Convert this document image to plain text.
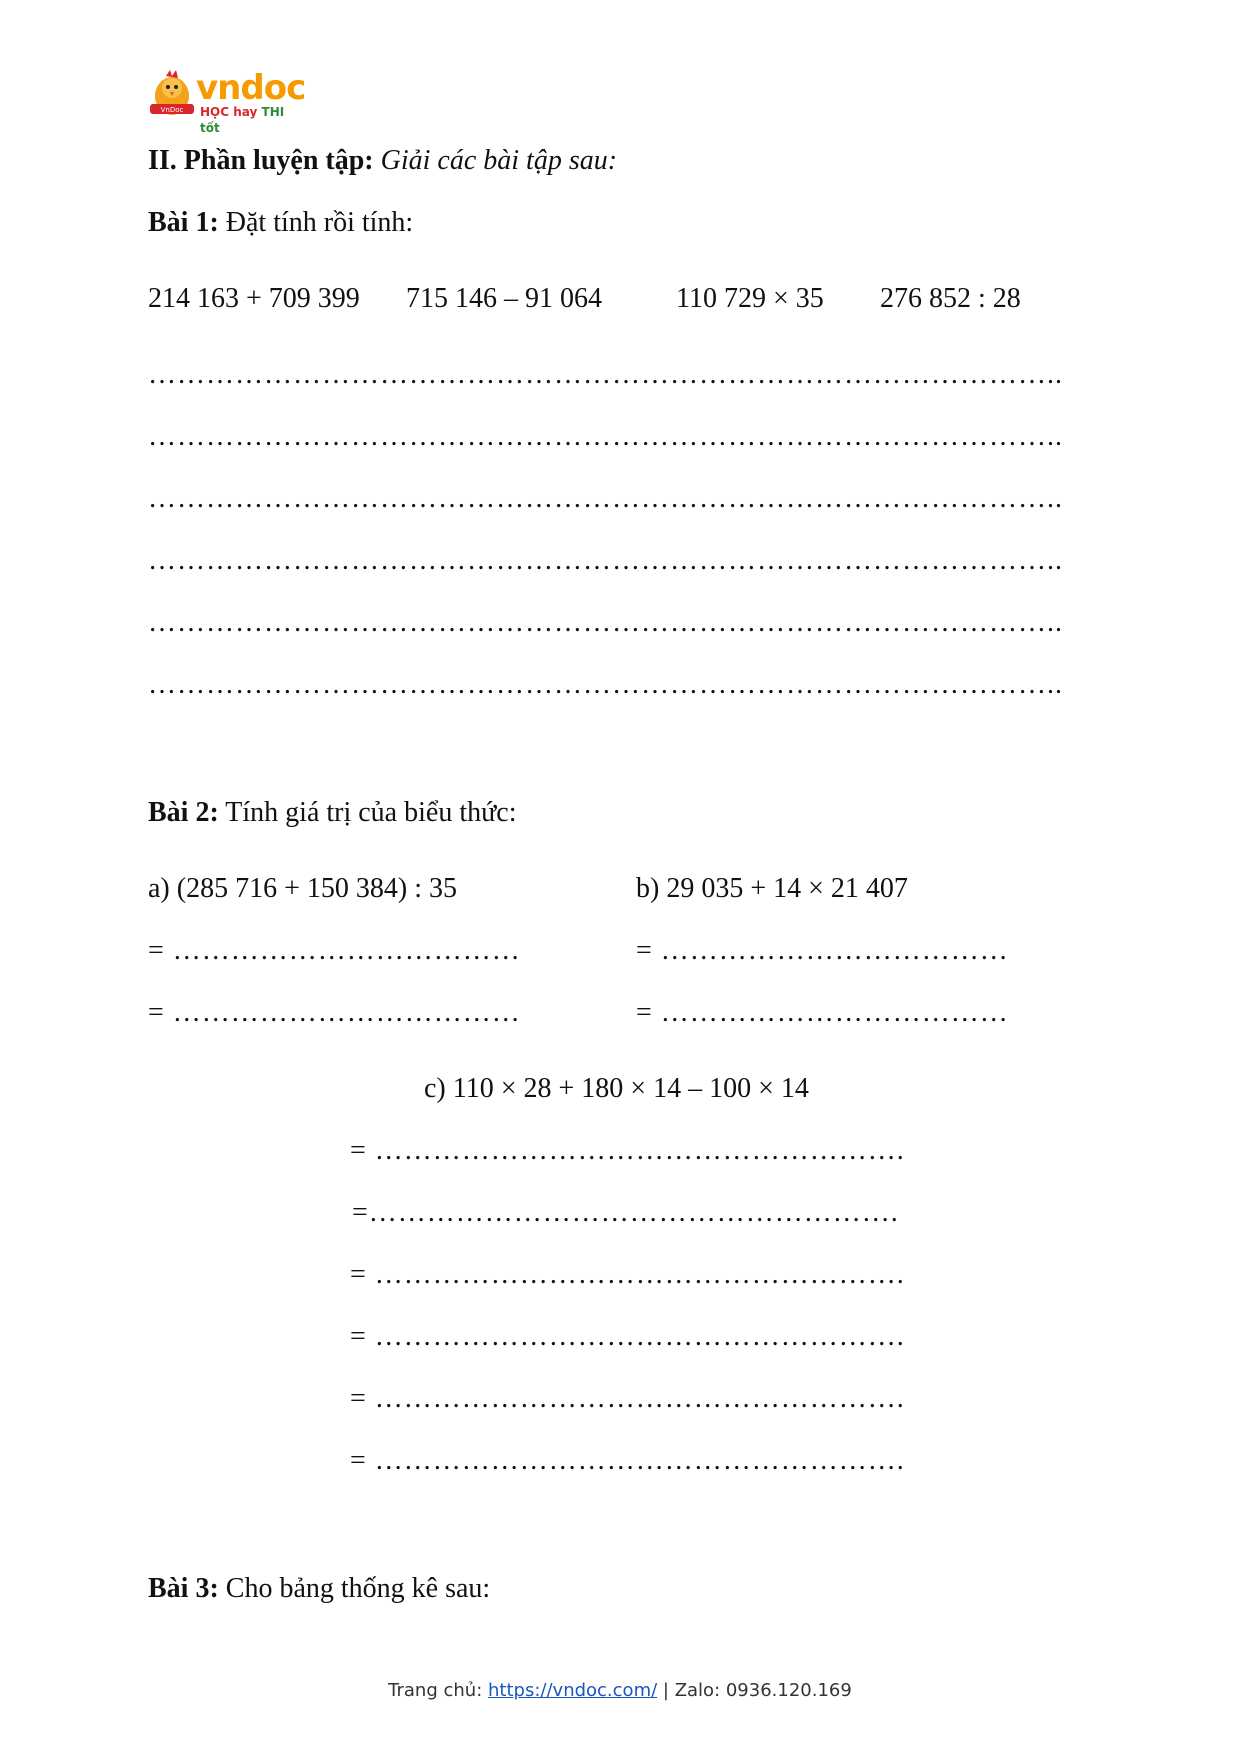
VnDoc
vndoc
HỌC hay THI tốt
II. Phần luyện tập: Giải các bài tập sau:
Bài 1: Đặt tính rồi tính:
214 163 + 709 399 715 146 – 91 064	110 729 × 35 276 852 : 28
…………………………………………………………………………………..
…………………………………………………………………………………..
…………………………………………………………………………………..
…………………………………………………………………………………..
…………………………………………………………………………………..
…………………………………………………………………………………..
Bài 2: Tính giá trị của biểu thức:
a) (285 716 + 150 384) : 35	b) 29 035 + 14 × 21 407
= ………………………………	= ………………………………
= ………………………………	= ………………………………
c) 110 × 28 + 180 × 14 – 100 × 14
= ……………………………………………….
=……………………………………………….
= ……………………………………………….
= ……………………………………………….
= ……………………………………………….
= ……………………………………………….
Bài 3: Cho bảng thống kê sau:
Trang chủ: https://vndoc.com/ | Zalo: 0936.120.169
